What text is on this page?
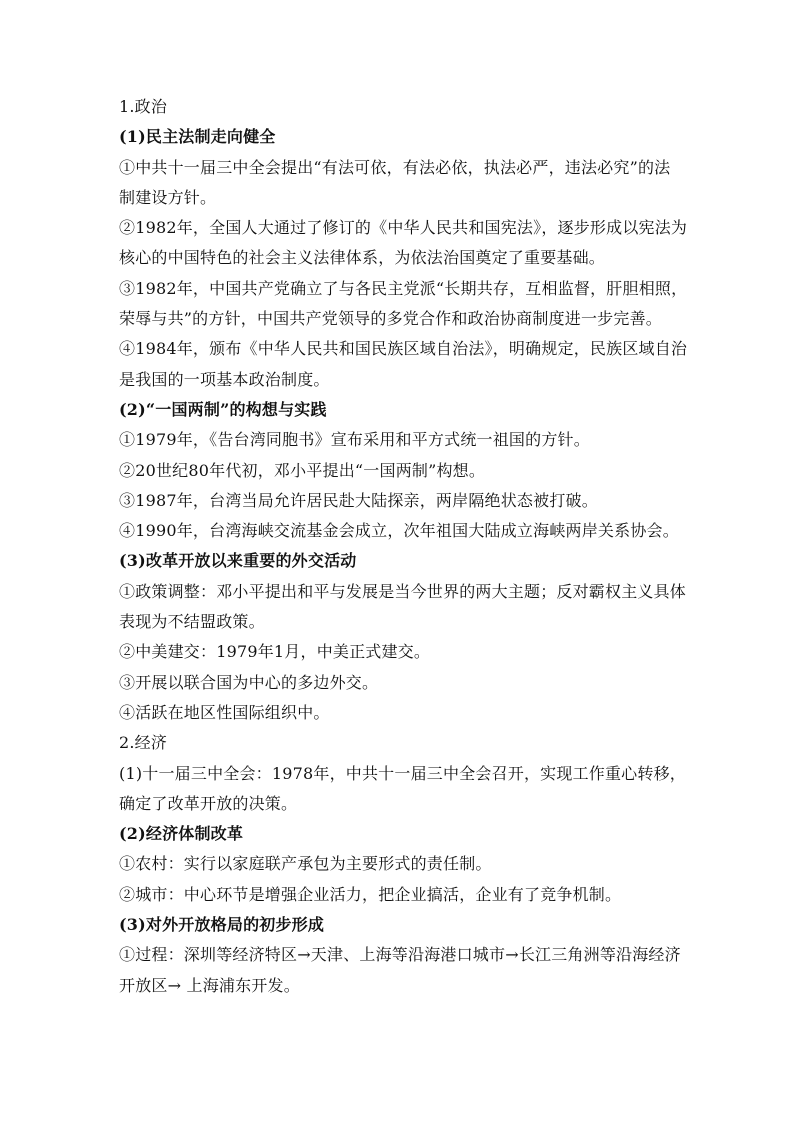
1.政治
(1)民主法制走向健全
①中共十一届三中全会提出“有法可依，有法必依，执法必严，违法必究”的法
制建设方针。
②1982年，全国人大通过了修订的《中华人民共和国宪法》，逐步形成以宪法为
核心的中国特色的社会主义法律体系，为依法治国奠定了重要基础。
③1982年，中国共产党确立了与各民主党派“长期共存，互相监督，肝胆相照，
荣辱与共”的方针，中国共产党领导的多党合作和政治协商制度进一步完善。
④1984年，颁布《中华人民共和国民族区域自治法》，明确规定，民族区域自治
是我国的一项基本政治制度。
(2)“一国两制”的构想与实践
①1979年，《告台湾同胞书》宣布采用和平方式统一祖国的方针。
②20世纪80年代初，邓小平提出“一国两制”构想。
③1987年，台湾当局允许居民赴大陆探亲，两岸隔绝状态被打破。
④1990年，台湾海峡交流基金会成立，次年祖国大陆成立海峡两岸关系协会。
(3)改革开放以来重要的外交活动
①政策调整：邓小平提出和平与发展是当今世界的两大主题；反对霸权主义具体
表现为不结盟政策。
②中美建交：1979年1月，中美正式建交。
③开展以联合国为中心的多边外交。
④活跃在地区性国际组织中。
2.经济
(1)十一届三中全会：1978年，中共十一届三中全会召开，实现工作重心转移，
确定了改革开放的决策。
(2)经济体制改革
①农村：实行以家庭联产承包为主要形式的责任制。
②城市：中心环节是增强企业活力，把企业搞活，企业有了竞争机制。
(3)对外开放格局的初步形成
①过程：深圳等经济特区→天津、上海等沿海港口城市→长江三角洲等沿海经济
开放区→ 上海浦东开发。
